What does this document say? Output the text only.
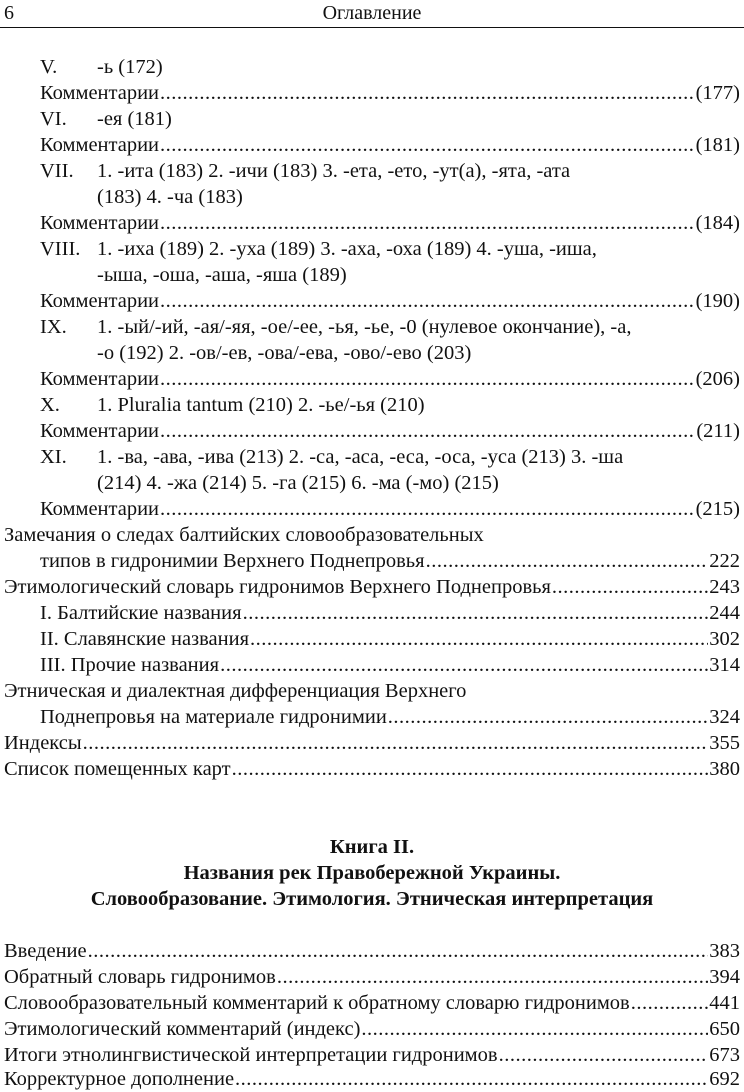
6	Оглавление
V. -ь (172)
Комментарии .....	(177)
VI. -ея (181)
Комментарии .....	(181)
VII. 1. -ита (183) 2. -ичи (183) 3. -ета, -ето, -ут(а), -ята, -ата
(183) 4. -ча (183)
Комментарии .....	(184)
VIII. 1. -иха (189) 2. -уха (189) 3. -аха, -оха (189) 4. -уша, -иша,
-ыша, -оша, -аша, -яша (189)
Комментарии .....	(190)
IX. 1. -ый/-ий, -ая/-яя, -ое/-ее, -ья, -ье, -0 (нулевое окончание), -а,
-о (192) 2. -ов/-ев, -ова/-ева, -ово/-ево (203)
Комментарии .....	(206)
X. 1. Pluralia tantum (210) 2. -ье/-ья (210)
Комментарии .....	(211)
XI. 1. -ва, -ава, -ива (213) 2. -са, -аса, -еса, -оса, -уса (213) 3. -ша
(214) 4. -жа (214) 5. -га (215) 6. -ма (-мо) (215)
Комментарии .....	(215)
Замечания о следах балтийских словообразовательных
типов в гидронимии Верхнего Поднепровья .....	222
Этимологический словарь гидронимов Верхнего Поднепровья .....	243
I. Балтийские названия .....	244
II. Славянские названия .....	302
III. Прочие названия .....	314
Этническая и диалектная дифференциация Верхнего
Поднепровья на материале гидронимии .....	324
Индексы .....	355
Список помещенных карт .....	380
Книга II.
Названия рек Правобережной Украины.
Словообразование. Этимология. Этническая интерпретация
Введение .....	383
Обратный словарь гидронимов .....	394
Словообразовательный комментарий к обратному словарю гидронимов .....	441
Этимологический комментарий (индекс) .....	650
Итоги этнолингвистической интерпретации гидронимов .....	673
Корректурное дополнение .....	692
